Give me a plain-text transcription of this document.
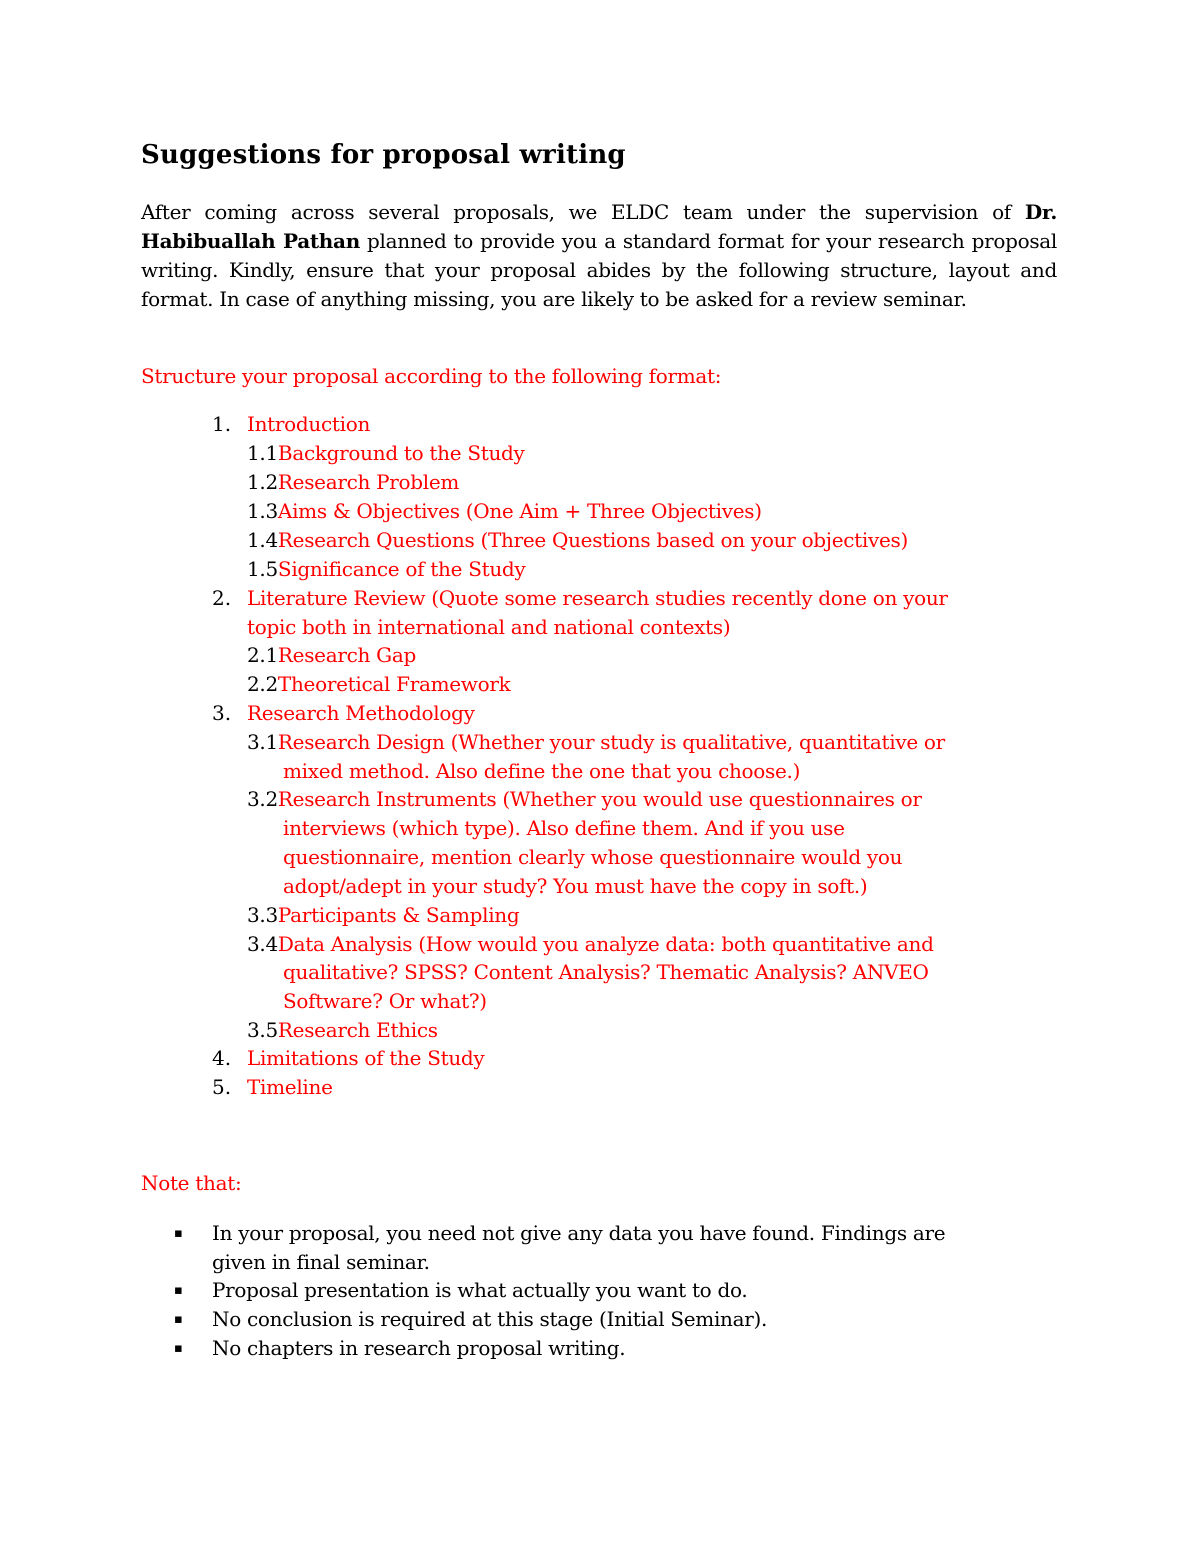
Suggestions for proposal writing

After coming across several proposals, we ELDC team under the supervision of Dr. Habibuallah Pathan planned to provide you a standard format for your research proposal writing. Kindly, ensure that your proposal abides by the following structure, layout and format. In case of anything missing, you are likely to be asked for a review seminar.

Structure your proposal according to the following format:
1. Introduction
1.1Background to the Study
1.2Research Problem
1.3Aims & Objectives (One Aim + Three Objectives)
1.4Research Questions (Three Questions based on your objectives)
1.5Significance of the Study
2. Literature Review (Quote some research studies recently done on your
topic both in international and national contexts)
2.1Research Gap
2.2Theoretical Framework
3. Research Methodology
3.1Research Design (Whether your study is qualitative, quantitative or
mixed method. Also define the one that you choose.)
3.2Research Instruments (Whether you would use questionnaires or
interviews (which type). Also define them. And if you use
questionnaire, mention clearly whose questionnaire would you
adopt/adept in your study? You must have the copy in soft.)
3.3Participants & Sampling
3.4Data Analysis (How would you analyze data: both quantitative and
qualitative? SPSS? Content Analysis? Thematic Analysis? ANVEO
Software? Or what?)
3.5Research Ethics
4. Limitations of the Study
5. Timeline
Note that:
▪ In your proposal, you need not give any data you have found. Findings are
given in final seminar.
▪ Proposal presentation is what actually you want to do.
▪ No conclusion is required at this stage (Initial Seminar).
▪ No chapters in research proposal writing.
